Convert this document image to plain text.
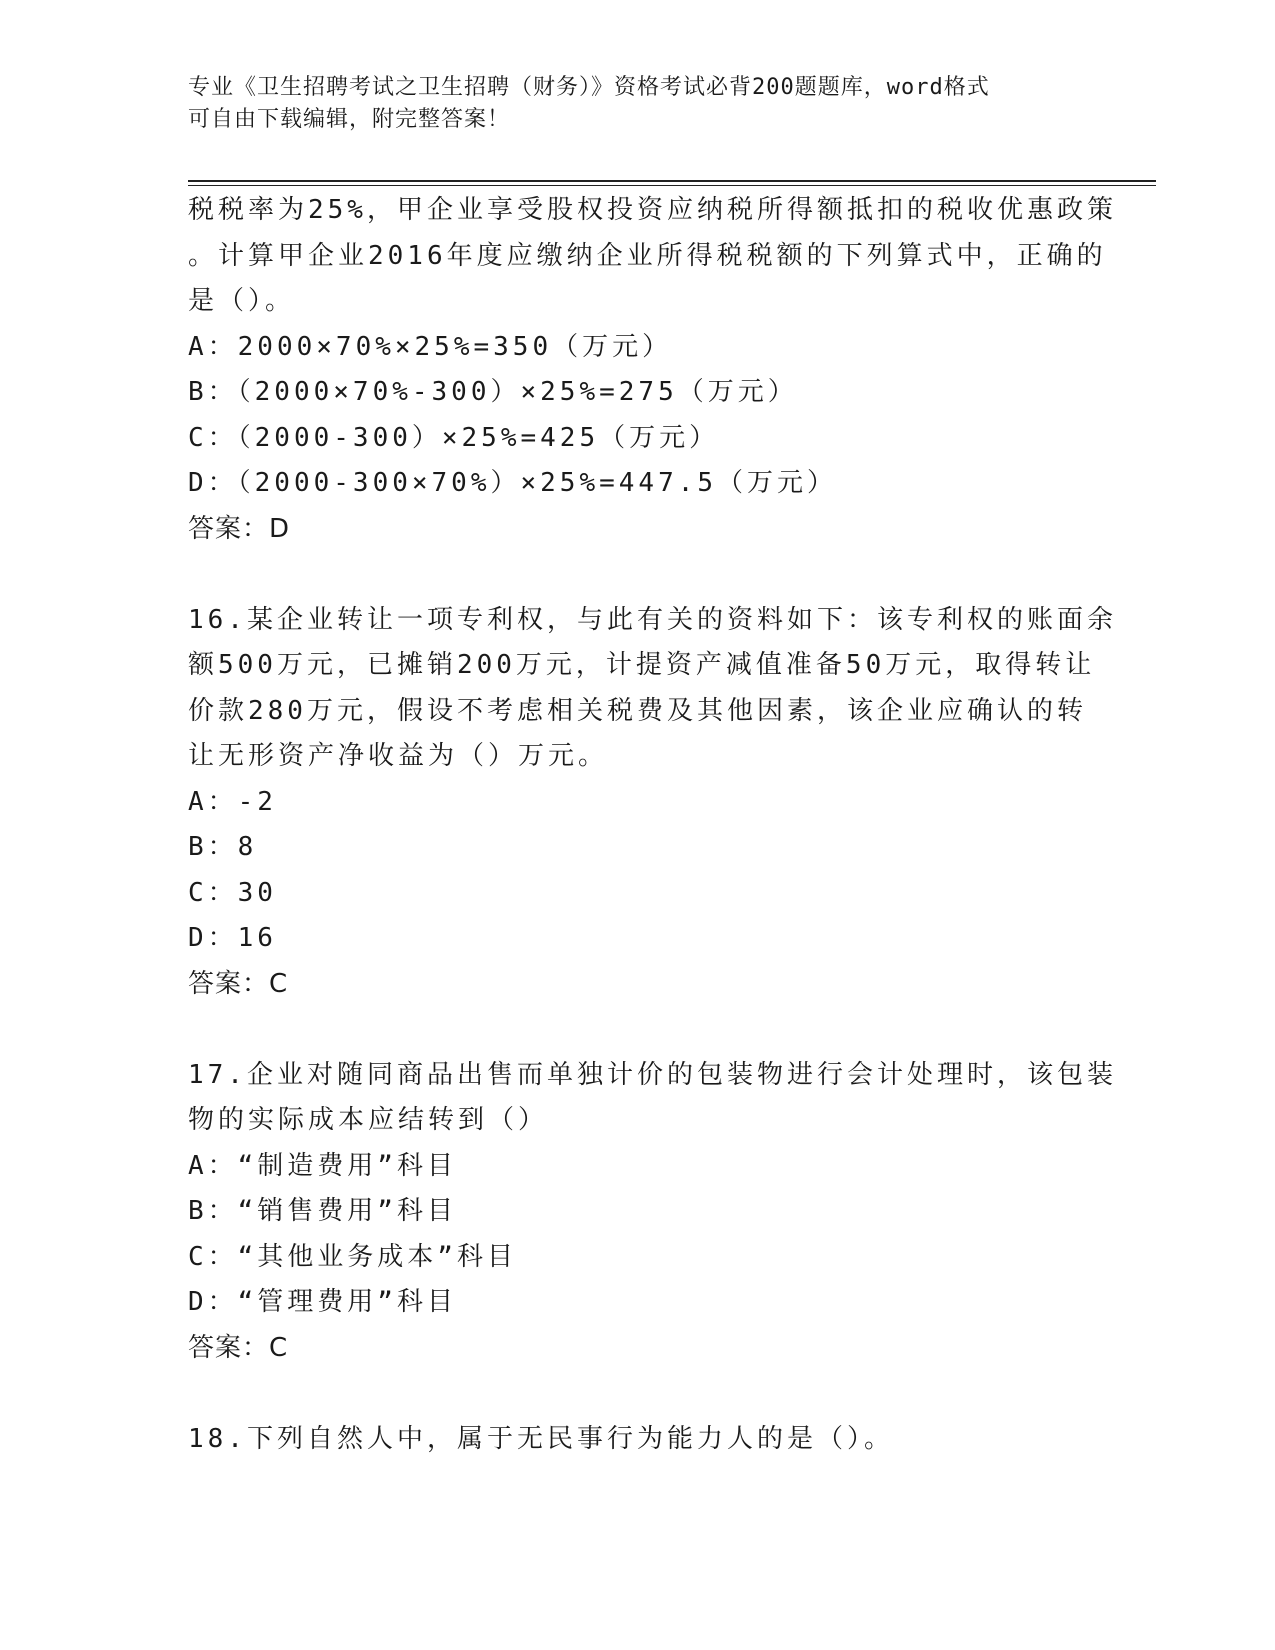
专业《卫生招聘考试之卫生招聘（财务）》资格考试必背200题题库，word格式
可自由下载编辑，附完整答案！
税税率为25%，甲企业享受股权投资应纳税所得额抵扣的税收优惠政策
。计算甲企业2016年度应缴纳企业所得税税额的下列算式中，正确的
是（）。
A：2000×70%×25%=350（万元）
B：（2000×70%-300）×25%=275（万元）
C：（2000-300）×25%=425（万元）
D：（2000-300×70%）×25%=447.5（万元）
答案：D
16.某企业转让一项专利权，与此有关的资料如下：该专利权的账面余
额500万元，已摊销200万元，计提资产减值准备50万元，取得转让
价款280万元，假设不考虑相关税费及其他因素，该企业应确认的转
让无形资产净收益为（）万元。
A：-2
B：8
C：30
D：16
答案：C
17.企业对随同商品出售而单独计价的包装物进行会计处理时，该包装
物的实际成本应结转到（）
A：“制造费用”科目
B：“销售费用”科目
C：“其他业务成本”科目
D：“管理费用”科目
答案：C
18.下列自然人中，属于无民事行为能力人的是（）。
